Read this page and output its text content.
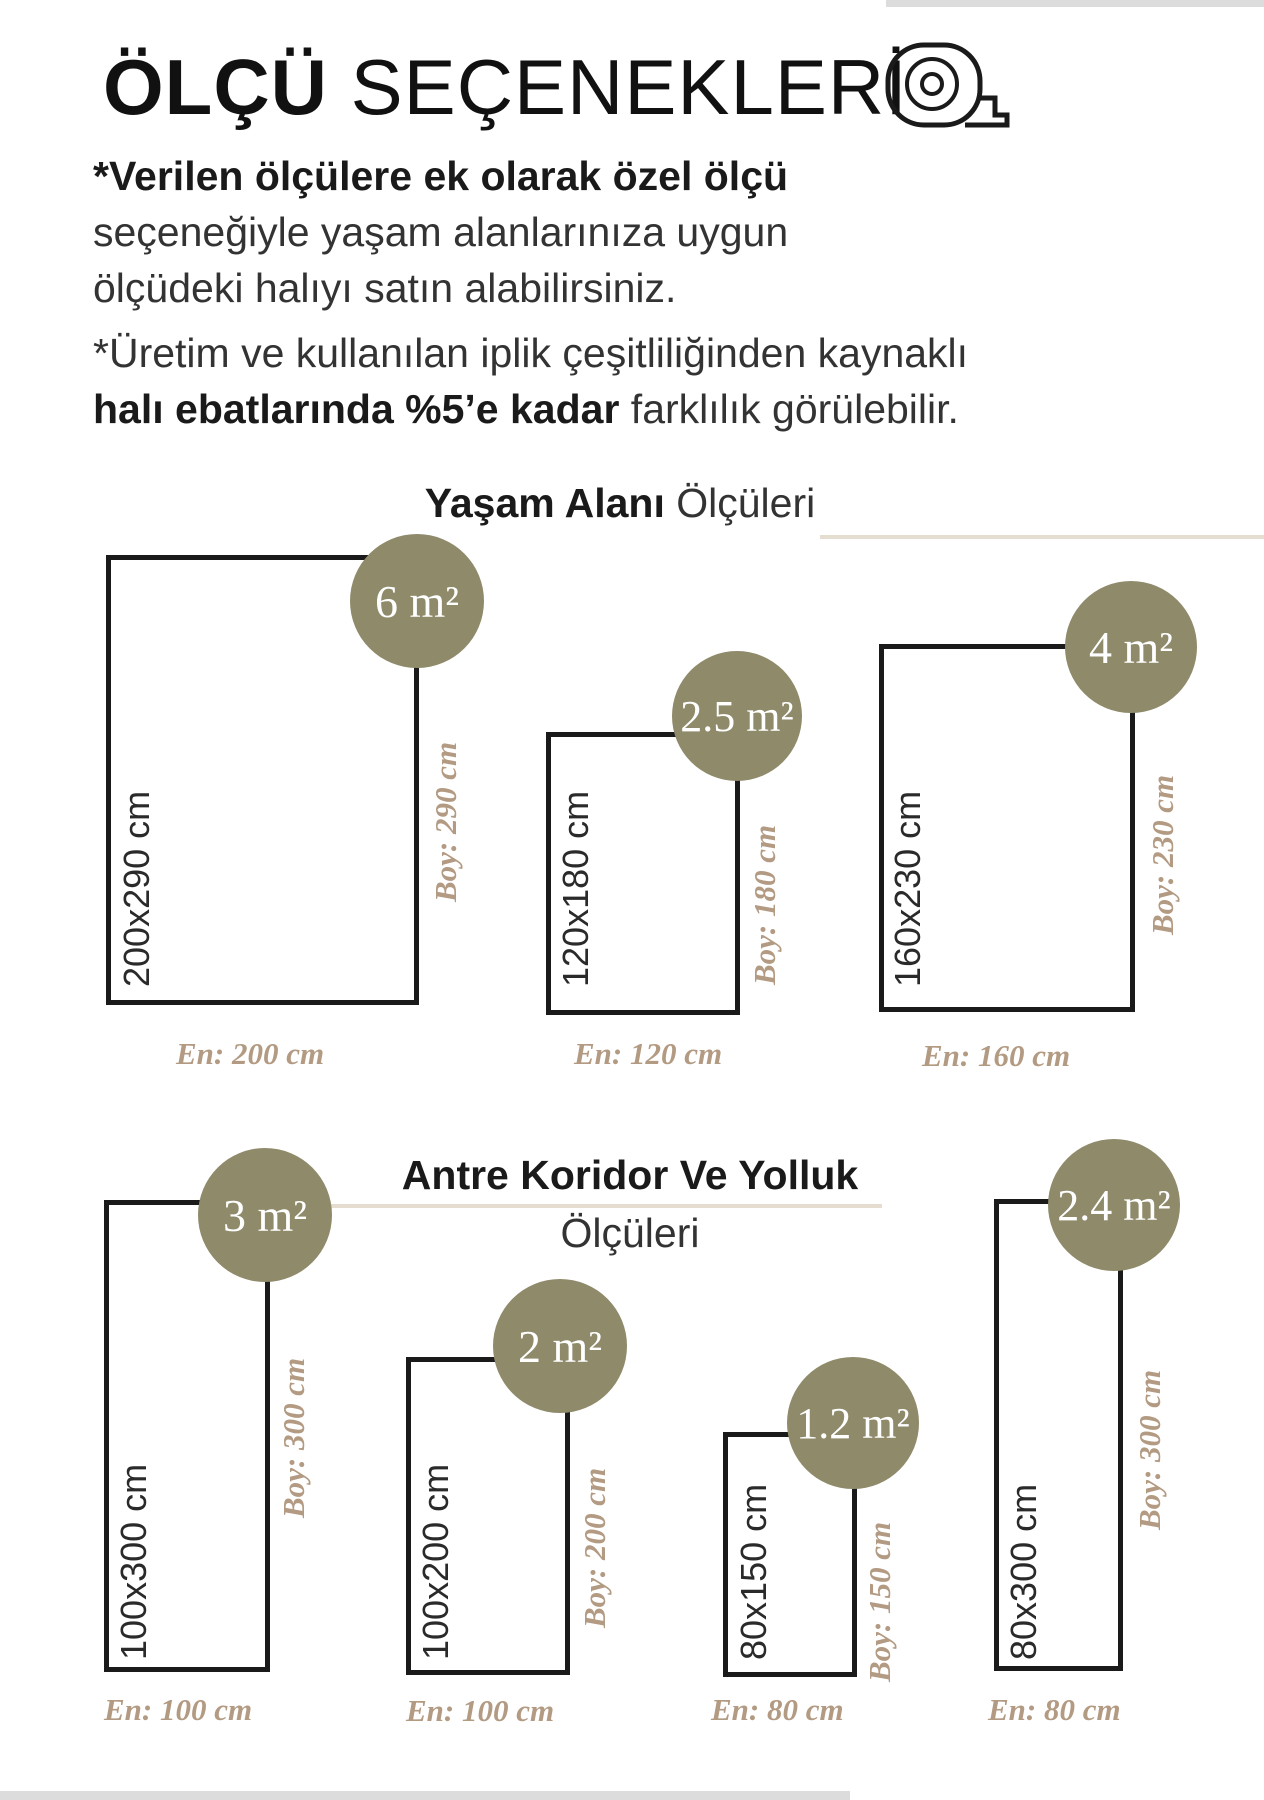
ÖLÇÜ SEÇENEKLERİ
*Verilen ölçülere ek olarak özel ölçü
seçeneğiyle yaşam alanlarınıza uygun
ölçüdeki halıyı satın alabilirsiniz.
*Üretim ve kullanılan iplik çeşitliliğinden kaynaklı
halı ebatlarında %5’e kadar farklılık görülebilir.
Yaşam Alanı Ölçüleri
Antre Koridor Ve Yolluk
Ölçüleri
200x290 cm	Boy: 290 cm
En: 200 cm
6 m²
120x180 cm	Boy: 180 cm
En: 120 cm
2.5 m²
160x230 cm	Boy: 230 cm
En: 160 cm
4 m²
100x300 cm
Boy: 300 cm
En: 100 cm
3 m²
100x200 cm	Boy: 200 cm
En: 100 cm
2 m²
80x150 cm	Boy: 150 cm
En: 80 cm
1.2 m²
80x300 cm
Boy: 300 cm
En: 80 cm
2.4 m²
